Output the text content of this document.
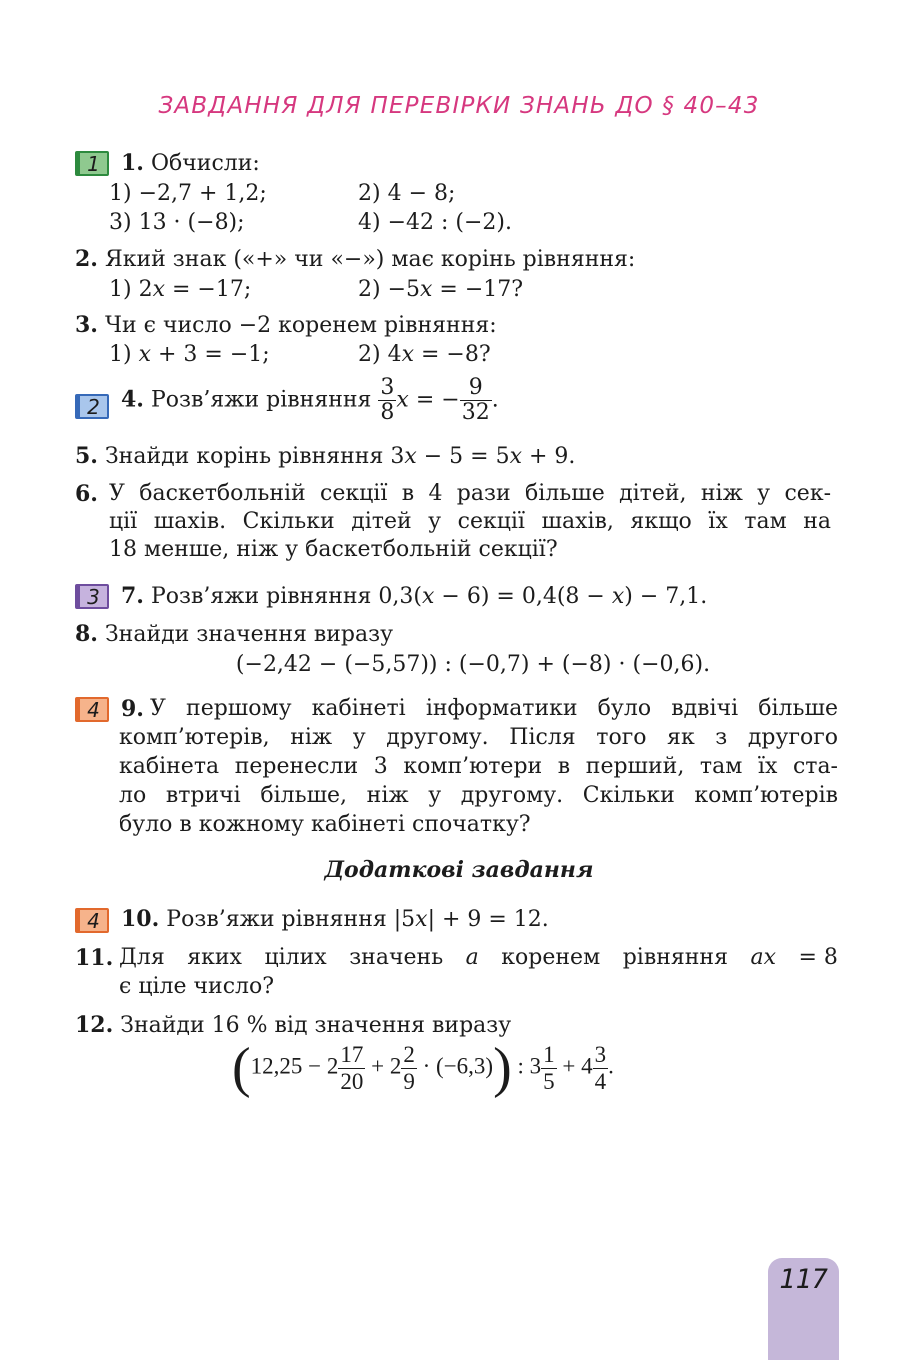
ЗАВДАННЯ ДЛЯ ПЕРЕВІРКИ ЗНАНЬ ДО § 40–43
1 1. Обчисли:
1) −2,7 + 1,2;	2) 4 − 8;
3) 13 · (−8);	4) −42 : (−2).
2. Який знак («+» чи «−») має корінь рівняння:
1) 2x = −17;	2) −5x = −17?
3. Чи є число −2 коренем рівняння:
1) x + 3 = −1;	2) 4x = −8?
2 4. Розв’яжи рівняння $\frac{3}{8}$ x = − $\frac{9}{32}$ .
5. Знайди корінь рівняння 3x − 5 = 5x + 9.
6. У баскетбольній секції в 4 рази більше дітей, ніж у сек-
ції шахів. Скільки дітей у секції шахів, якщо їх там на
18 менше, ніж у баскетбольній секції?
3 7. Розв’яжи рівняння 0,3(x − 6) = 0,4(8 − x) − 7,1.
8. Знайди значення виразу
(−2,42 − (−5,57)) : (−0,7) + (−8) · (−0,6).
4 9. У першому кабінеті інформатики було вдвічі більше
комп’ютерів, ніж у другому. Після того як з другого
кабінета перенесли 3 комп’ютери в перший, там їх ста-
ло втричі більше, ніж у другому. Скільки комп’ютерів
було в кожному кабінеті спочатку?
Додаткові завдання
4 10. Розв’яжи рівняння |5x| + 9 = 12.
11. Для яких цілих значень a коренем рівняння ax = 8
є ціле число?
12. Знайди 16 % від значення виразу
$(12,25 - 2 \frac{17}{20} + 2 \frac{2}{9} \cdot (-6,3))$ : $3 \frac{1}{5} + 4 \frac{3}{4}$ .
117
